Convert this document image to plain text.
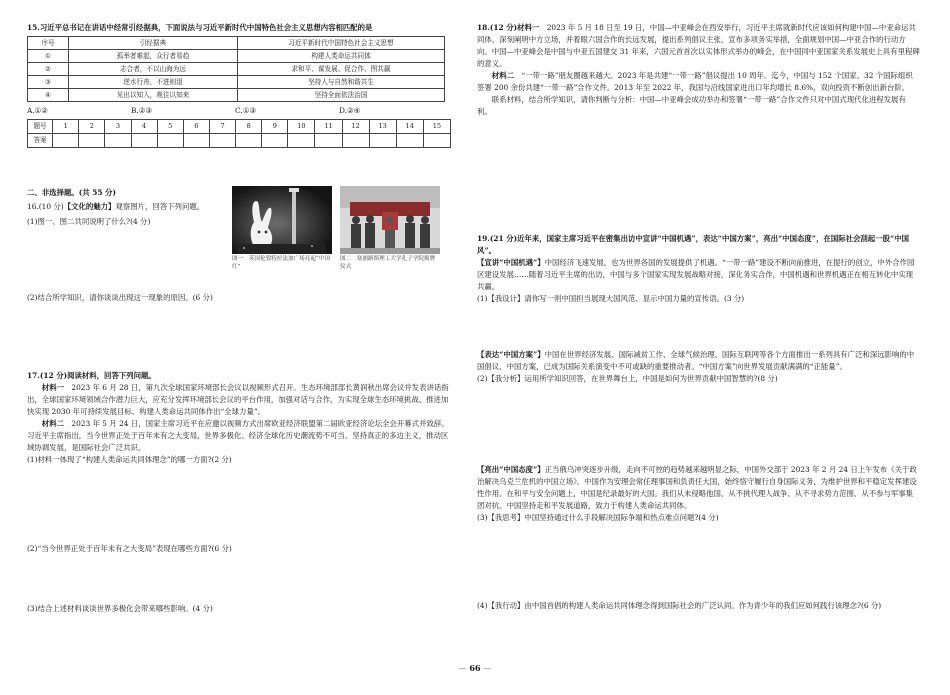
15.习近平总书记在讲话中经常引经据典，下面说法与习近平新时代中国特色社会主义思想内容相匹配的是

序号	引经据典	习近平新时代中国特色社会主义思想
①	孤举者难起，众行者易趋	构建人类命运共同体
②	志合者，不以山海为远	求和平、谋发展、促合作、图共赢
③	逆水行舟，不进则退	坚持人与自然和谐共生
④	见出以知入，观往以知来	坚持全面依法治国
A.①②	B.②③	C.①③	D.②④
题号	1	2	3	4	5	6	7	8	9	10	11	12	13	14	15
答案															

二、非选择题。(共 55 分)

16.(10 分)【文化的魅力】观察图片，回答下列问题。

(1)图一、图二共同说明了什么?(4 分)

图一　英国伦敦特拉法加广场亮起“中国红”
图二　塞浦路斯理工大学孔子学院揭牌仪式

(2)结合所学知识，请你谈谈出现这一现象的原因。(6 分)

17.(12 分)阅读材料，回答下列问题。

材料一　 2023 年 6 月 28 日，第九次全球国家环境部长会议以视频形式召开。生态环境部部长黄润秋出席会议并发表讲话指出，全球国家环境领域合作潜力巨大，应充分发挥环境部长会议的平台作用，加强对话与合作，为实现全球生态环境挑战、推进加快实现 2030 年可持续发展目标、构建人类命运共同体作出“全球力量”。

材料二　 2023 年 5 月 24 日，国家主席习近平在应邀以视频方式出席欧亚经济联盟第二届欧亚经济论坛全会开幕式并致辞。习近平主席指出，当今世界正处于百年未有之大变局，世界多极化、经济全球化历史潮流势不可当。坚持真正的多边主义，推动区域协调发展，是国际社会广泛共识。

(1)材料一体现了“构建人类命运共同体理念”的哪一方面?(2 分)

(2)“当今世界正处于百年未有之大变局”表现在哪些方面?(6 分)

(3)结合上述材料谈谈世界多极化会带来哪些影响。(4 分)

18.(12 分)材料一　 2023 年 5 月 18 日至 19 日，中国—中亚峰会在西安举行，习近平主席就新时代应该如何构建中国—中亚命运共同体，深刻阐明中方立场，并着眼六国合作的长远发展，提出系列倡议主张，宣布多项务实举措，全面规划中国—中亚合作的行动方向。中国—中亚峰会是中国与中亚五国建交 31 年来，六国元首首次以实体形式举办的峰会，在中国同中亚国家关系发展史上具有里程碑的意义。

材料二　 “一带一路”朋友圈越来越大。2023 年是共建“一带一路”倡议提出 10 周年。迄今，中国与 152 个国家、32 个国际组织签署 200 余份共建“一带一路”合作文件。2013 年至 2022 年，我国与沿线国家进出口年均增长 8.6%，双向投资不断创出新台阶。

联系材料，结合所学知识，请你判断与分析：中国—中亚峰会成功举办和签署“一带一路”合作文件只对中国式现代化进程发展有利。

19.(21 分)近年来，国家主席习近平在密集出访中宣讲“中国机遇”，表达“中国方案”，亮出“中国态度”，在国际社会刮起一股“中国风”。

【宣讲“中国机遇”】中国经济飞速发展，也为世界各国的发展提供了机遇。“一带一路”建设不断向前推进，在提行的创立，中外合作园区建设发展……随着习近平主席的出访，中国与多个国家实现发展战略对接，深化务实合作，中国机遇和世界机遇正在相互转化中实现共赢。

(1)【我设计】请你写一则中国担当展现大国风范、显示中国力量的宣传语。(3 分)

【表达“中国方案”】中国在世界经济发展、国际减贫工作、全球气候治理、国际互联网等各个方面推出一系列具有广泛和深远影响的中国倡议、中国方案，已成为国际关系演变中不可或缺的重要推动者。“中国方案”向世界发展贡献满满的“正能量”。

(2)【我分析】运用所学知识回答，在世界舞台上，中国是如何为世界贡献中国智慧的?(8 分)

【亮出“中国态度”】正当俄乌冲突逐步升级，走向不可控的趋势越来越明显之际，中国外交部于 2023 年 2 月 24 日上午发布《关于政治解决乌克兰危机的中国立场》。中国作为安理会常任理事国和负责任大国，始终恪守履行自身国际义务，为维护世界和平稳定发挥建设性作用。在和平与安全问题上，中国是纪录最好的大国。我们从未侵略他国、从不挑代理人战争、从不寻求势力范围、从不参与军事集团对抗。中国坚持走和平发展道路，致力于构建人类命运共同体。

(3)【我思考】中国坚持通过什么手段解决国际争端和热点难点问题?(4 分)

(4)【我行动】由中国首倡的构建人类命运共同体理念得到国际社会的广泛认同。作为青少年的我们应如何践行该理念?(6 分)

— 66 —
